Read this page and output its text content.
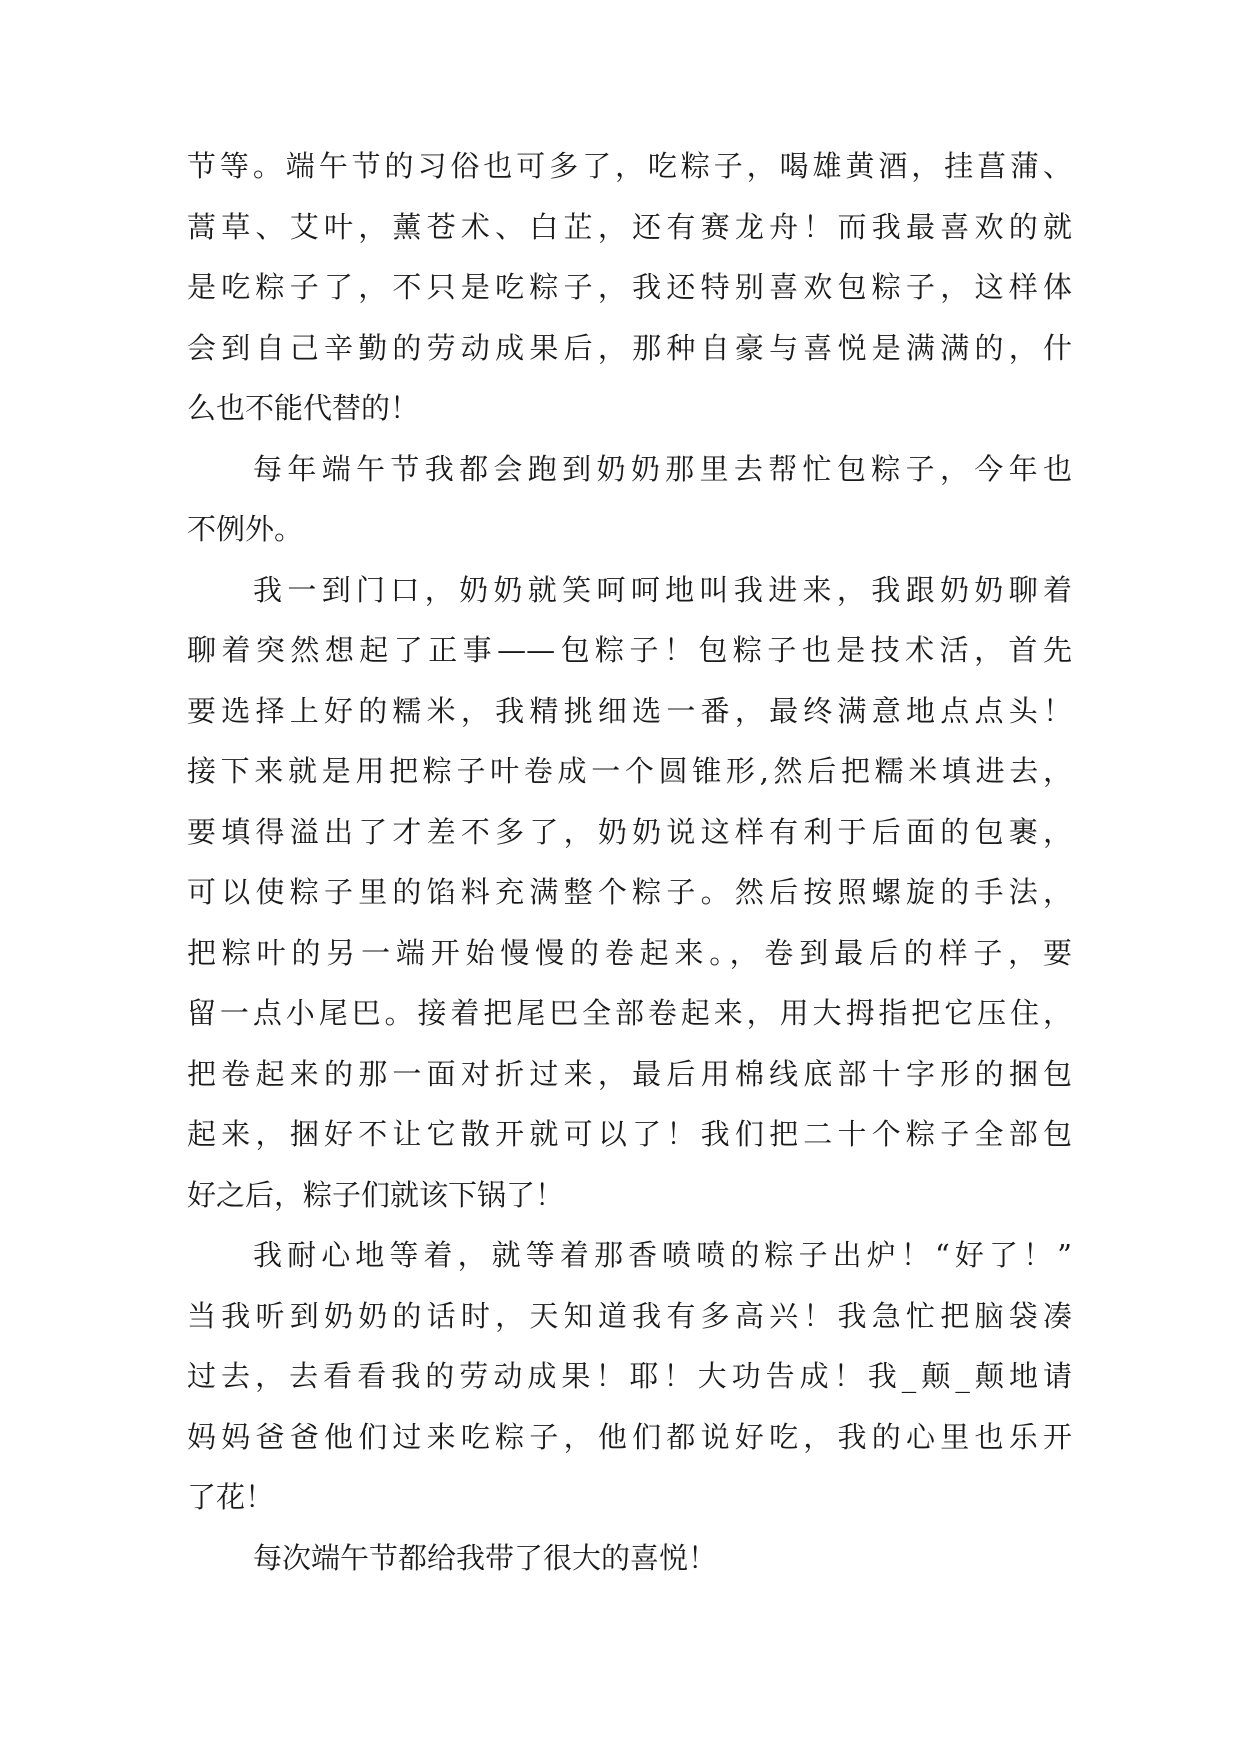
节等。端午节的习俗也可多了，吃粽子，喝雄黄酒，挂菖蒲、
蒿草、艾叶，薰苍术、白芷，还有赛龙舟！而我最喜欢的就
是吃粽子了，不只是吃粽子，我还特别喜欢包粽子，这样体
会到自己辛勤的劳动成果后，那种自豪与喜悦是满满的，什
么也不能代替的！
每年端午节我都会跑到奶奶那里去帮忙包粽子，今年也
不例外。
我一到门口，奶奶就笑呵呵地叫我进来，我跟奶奶聊着
聊着突然想起了正事——包粽子！包粽子也是技术活，首先
要选择上好的糯米，我精挑细选一番，最终满意地点点头！
接下来就是用把粽子叶卷成一个圆锥形,然后把糯米填进去，
要填得溢出了才差不多了，奶奶说这样有利于后面的包裹，
可以使粽子里的馅料充满整个粽子。然后按照螺旋的手法，
把粽叶的另一端开始慢慢的卷起来。，卷到最后的样子，要
留一点小尾巴。接着把尾巴全部卷起来，用大拇指把它压住，
把卷起来的那一面对折过来，最后用棉线底部十字形的捆包
起来，捆好不让它散开就可以了！我们把二十个粽子全部包
好之后，粽子们就该下锅了！
我耐心地等着，就等着那香喷喷的粽子出炉！“好了！”
当我听到奶奶的话时，天知道我有多高兴！我急忙把脑袋凑
过去，去看看我的劳动成果！耶！大功告成！我_颠_颠地请
妈妈爸爸他们过来吃粽子，他们都说好吃，我的心里也乐开
了花！
每次端午节都给我带了很大的喜悦！
